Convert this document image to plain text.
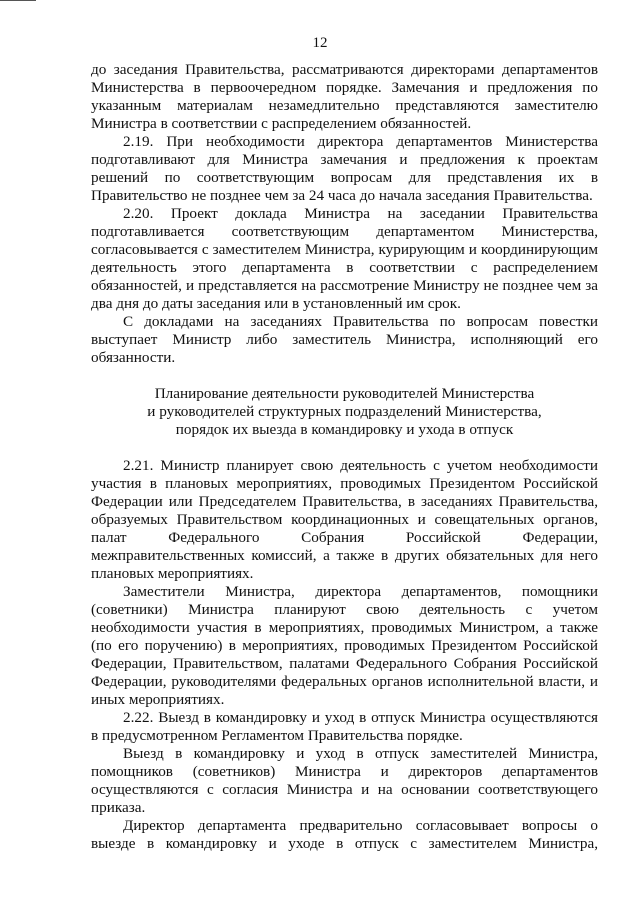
12

до заседания Правительства, рассматриваются директорами департаментов Министерства в первоочередном порядке. Замечания и предложения по указанным материалам незамедлительно представляются заместителю Министра в соответствии с распределением обязанностей.

2.19. При необходимости директора департаментов Министерства подготавливают для Министра замечания и предложения к проектам решений по соответствующим вопросам для представления их в Правительство не позднее чем за 24 часа до начала заседания Правительства.

2.20. Проект доклада Министра на заседании Правительства подготавливается соответствующим департаментом Министерства, согласовывается с заместителем Министра, курирующим и координирующим деятельность этого департамента в соответствии с распределением обязанностей, и представляется на рассмотрение Министру не позднее чем за два дня до даты заседания или в установленный им срок.

С докладами на заседаниях Правительства по вопросам повестки выступает Министр либо заместитель Министра, исполняющий его обязанности.

Планирование деятельности руководителей Министерства
и руководителей структурных подразделений Министерства,
порядок их выезда в командировку и ухода в отпуск

2.21. Министр планирует свою деятельность с учетом необходимости участия в плановых мероприятиях, проводимых Президентом Российской Федерации или Председателем Правительства, в заседаниях Правительства, образуемых Правительством координационных и совещательных органов, палат Федерального Собрания Российской Федерации, межправительственных комиссий, а также в других обязательных для него плановых мероприятиях.

Заместители Министра, директора департаментов, помощники (советники) Министра планируют свою деятельность с учетом необходимости участия в мероприятиях, проводимых Министром, а также (по его поручению) в мероприятиях, проводимых Президентом Российской Федерации, Правительством, палатами Федерального Собрания Российской Федерации, руководителями федеральных органов исполнительной власти, и иных мероприятиях.

2.22. Выезд в командировку и уход в отпуск Министра осуществляются в предусмотренном Регламентом Правительства порядке.

Выезд в командировку и уход в отпуск заместителей Министра, помощников (советников) Министра и директоров департаментов осуществляются с согласия Министра и на основании соответствующего приказа.

Директор департамента предварительно согласовывает вопросы о выезде в командировку и уходе в отпуск с заместителем Министра,
